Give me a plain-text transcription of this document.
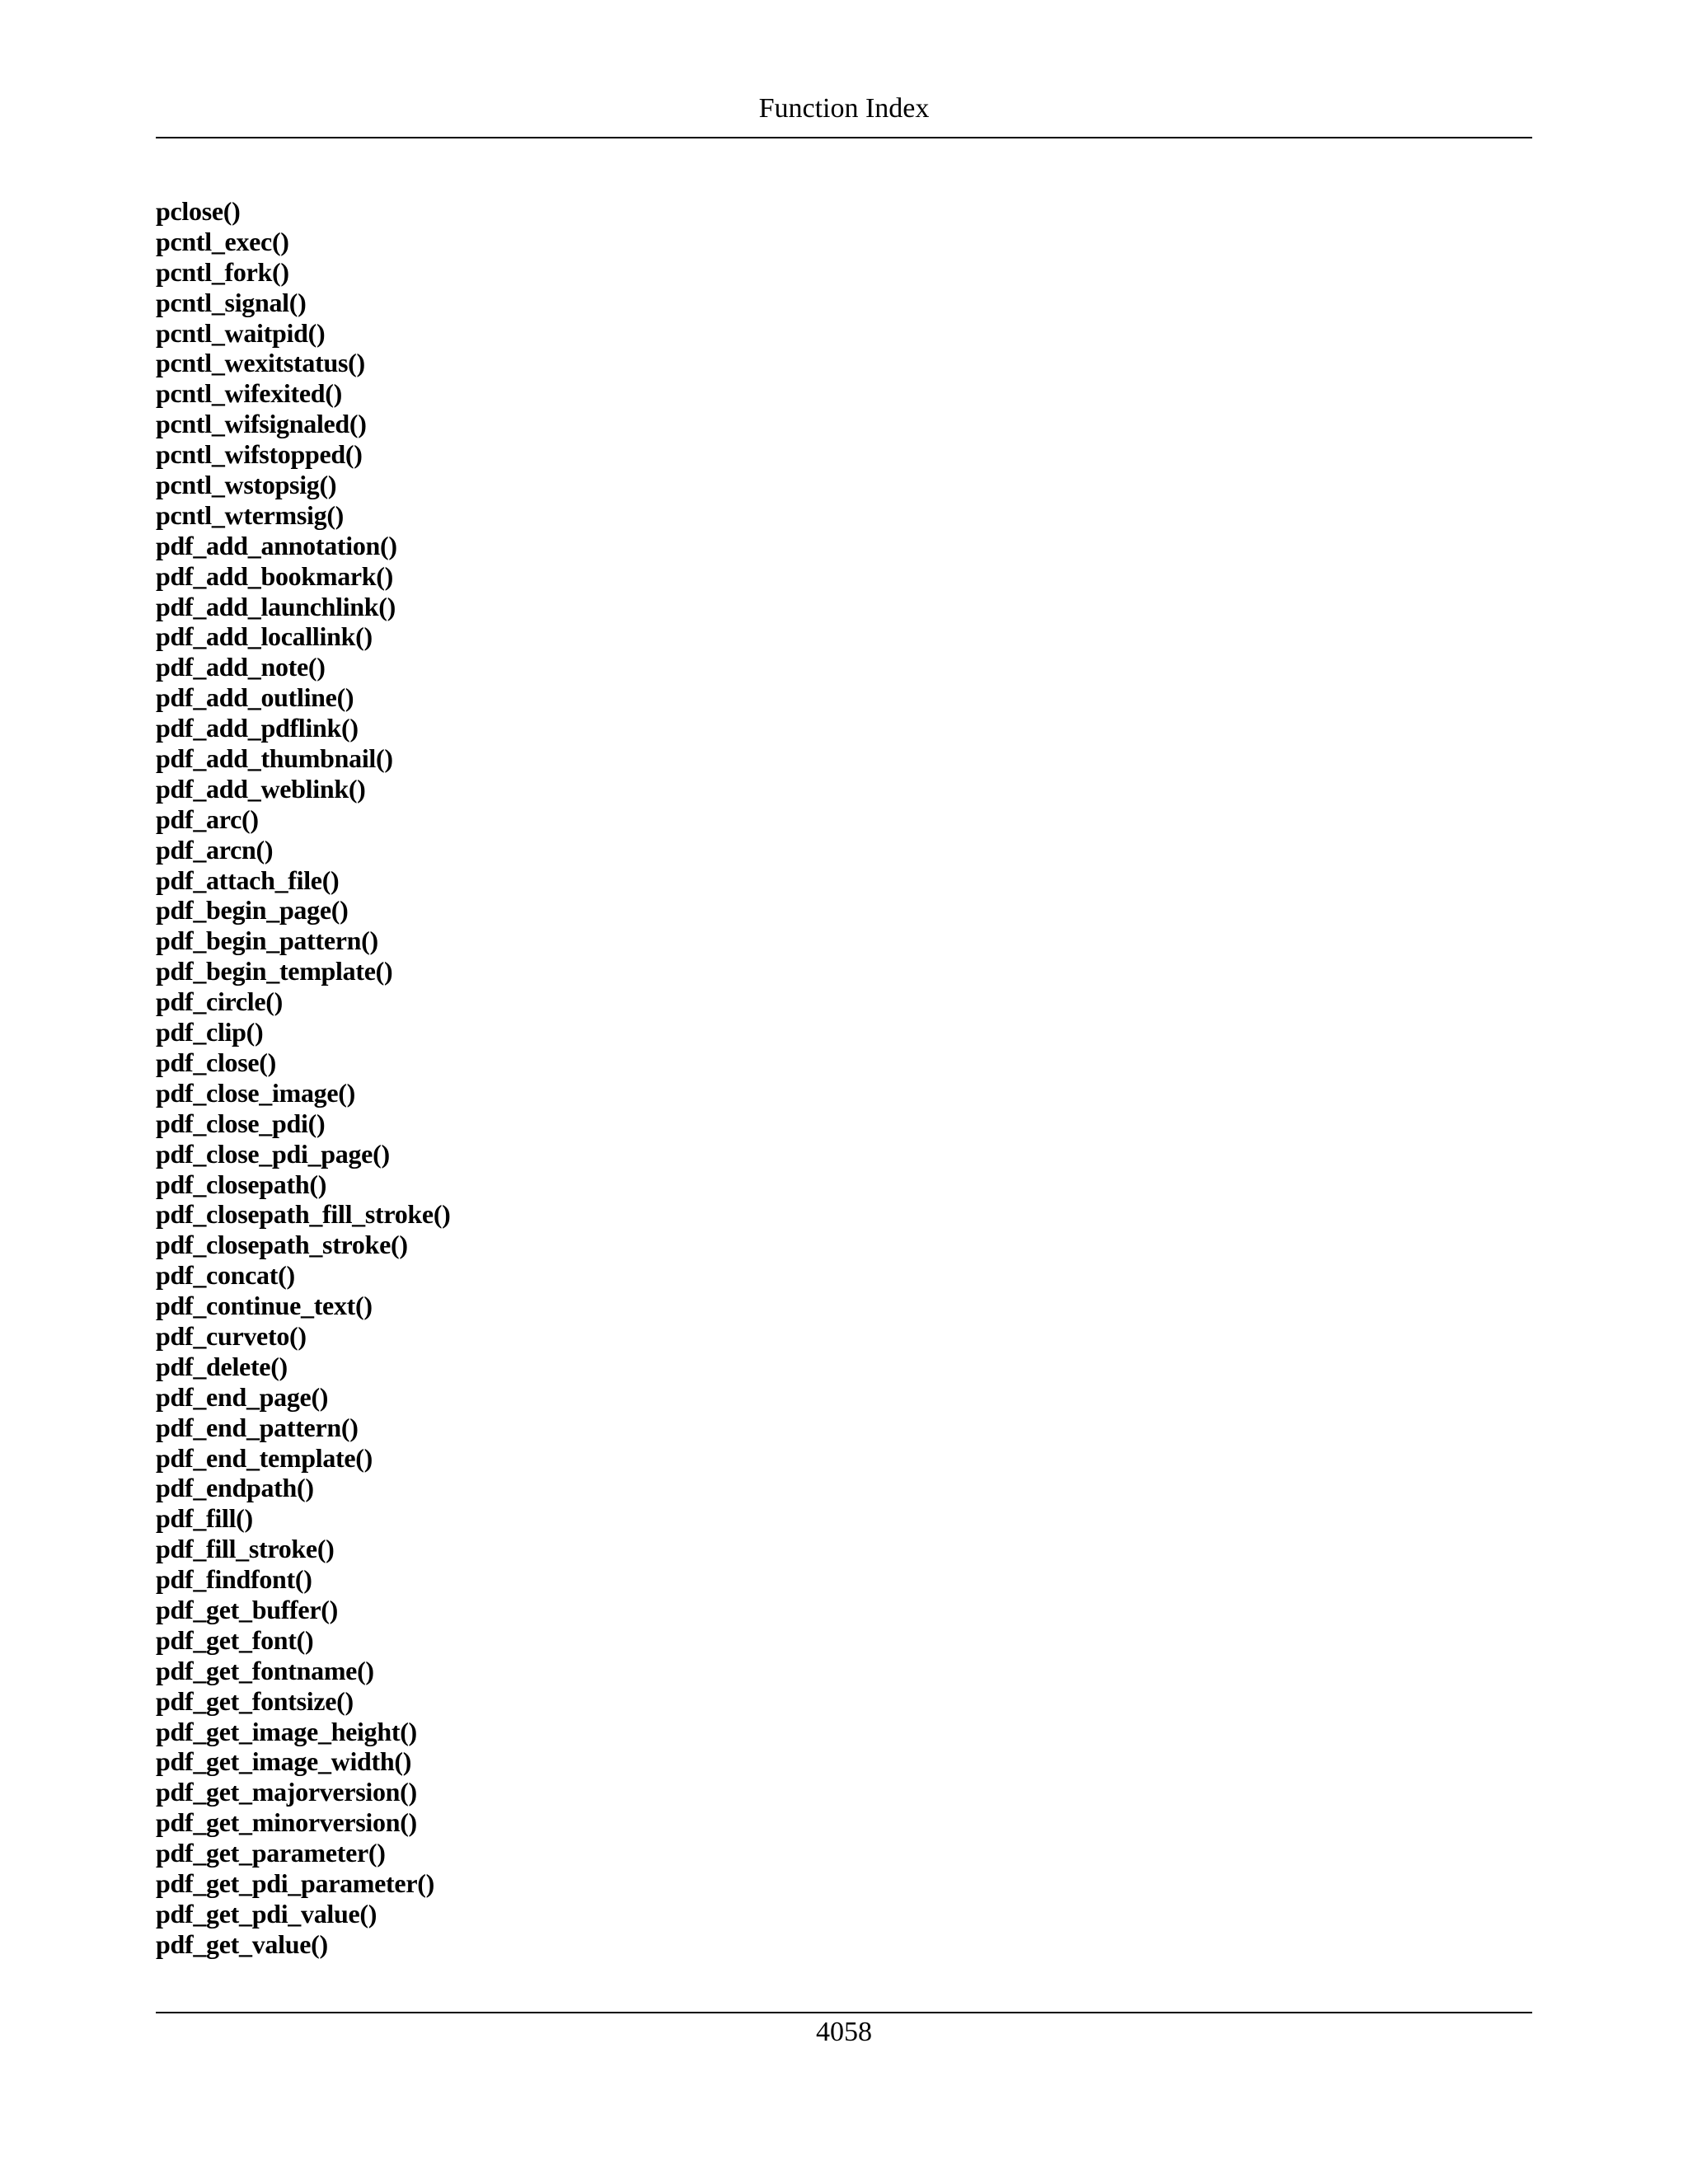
Function Index
pclose()
pcntl_exec()
pcntl_fork()
pcntl_signal()
pcntl_waitpid()
pcntl_wexitstatus()
pcntl_wifexited()
pcntl_wifsignaled()
pcntl_wifstopped()
pcntl_wstopsig()
pcntl_wtermsig()
pdf_add_annotation()
pdf_add_bookmark()
pdf_add_launchlink()
pdf_add_locallink()
pdf_add_note()
pdf_add_outline()
pdf_add_pdflink()
pdf_add_thumbnail()
pdf_add_weblink()
pdf_arc()
pdf_arcn()
pdf_attach_file()
pdf_begin_page()
pdf_begin_pattern()
pdf_begin_template()
pdf_circle()
pdf_clip()
pdf_close()
pdf_close_image()
pdf_close_pdi()
pdf_close_pdi_page()
pdf_closepath()
pdf_closepath_fill_stroke()
pdf_closepath_stroke()
pdf_concat()
pdf_continue_text()
pdf_curveto()
pdf_delete()
pdf_end_page()
pdf_end_pattern()
pdf_end_template()
pdf_endpath()
pdf_fill()
pdf_fill_stroke()
pdf_findfont()
pdf_get_buffer()
pdf_get_font()
pdf_get_fontname()
pdf_get_fontsize()
pdf_get_image_height()
pdf_get_image_width()
pdf_get_majorversion()
pdf_get_minorversion()
pdf_get_parameter()
pdf_get_pdi_parameter()
pdf_get_pdi_value()
pdf_get_value()
4058
